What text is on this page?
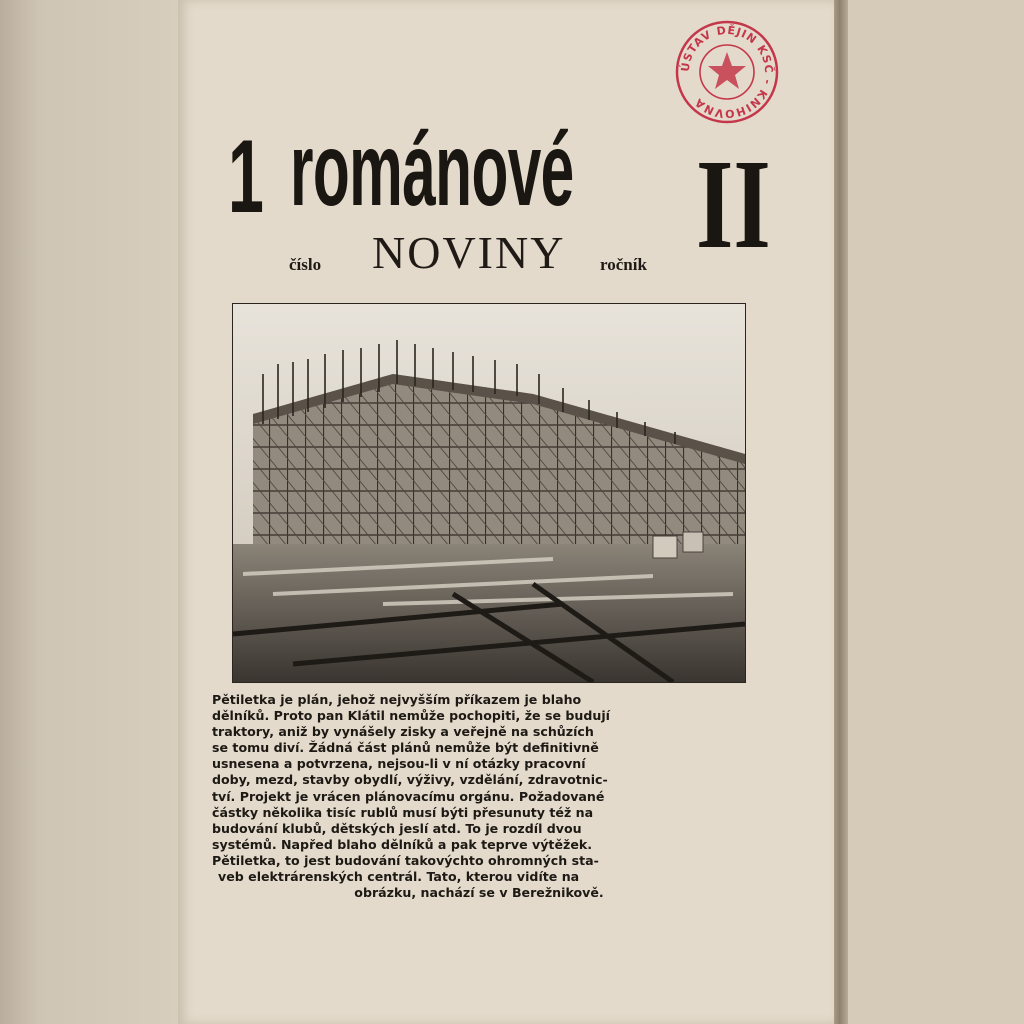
1 románové II
číslo NOVINY ročník
ÚSTAV DĚJIN KSČ - KNIHOVNA
Pětiletka je plán, jehož nejvyšším příkazem je blaho
dělníků. Proto pan Klátil nemůže pochopiti, že se budují
traktory, aniž by vynášely zisky a veřejně na schůzích
se tomu diví. Žádná část plánů nemůže být definitivně
usnesena a potvrzena, nejsou-li v ní otázky pracovní
doby, mezd, stavby obydlí, výživy, vzdělání, zdravotnic-
tví. Projekt je vrácen plánovacímu orgánu. Požadované
částky několika tisíc rublů musí býti přesunuty též na
budování klubů, dětských jeslí atd. To je rozdíl dvou
systémů. Napřed blaho dělníků a pak teprve výtěžek.
Pětiletka, to jest budování takovýchto ohromných sta-
veb elektrárenských centrál. Tato, kterou vidíte na
obrázku, nachází se v Berežnikově.
